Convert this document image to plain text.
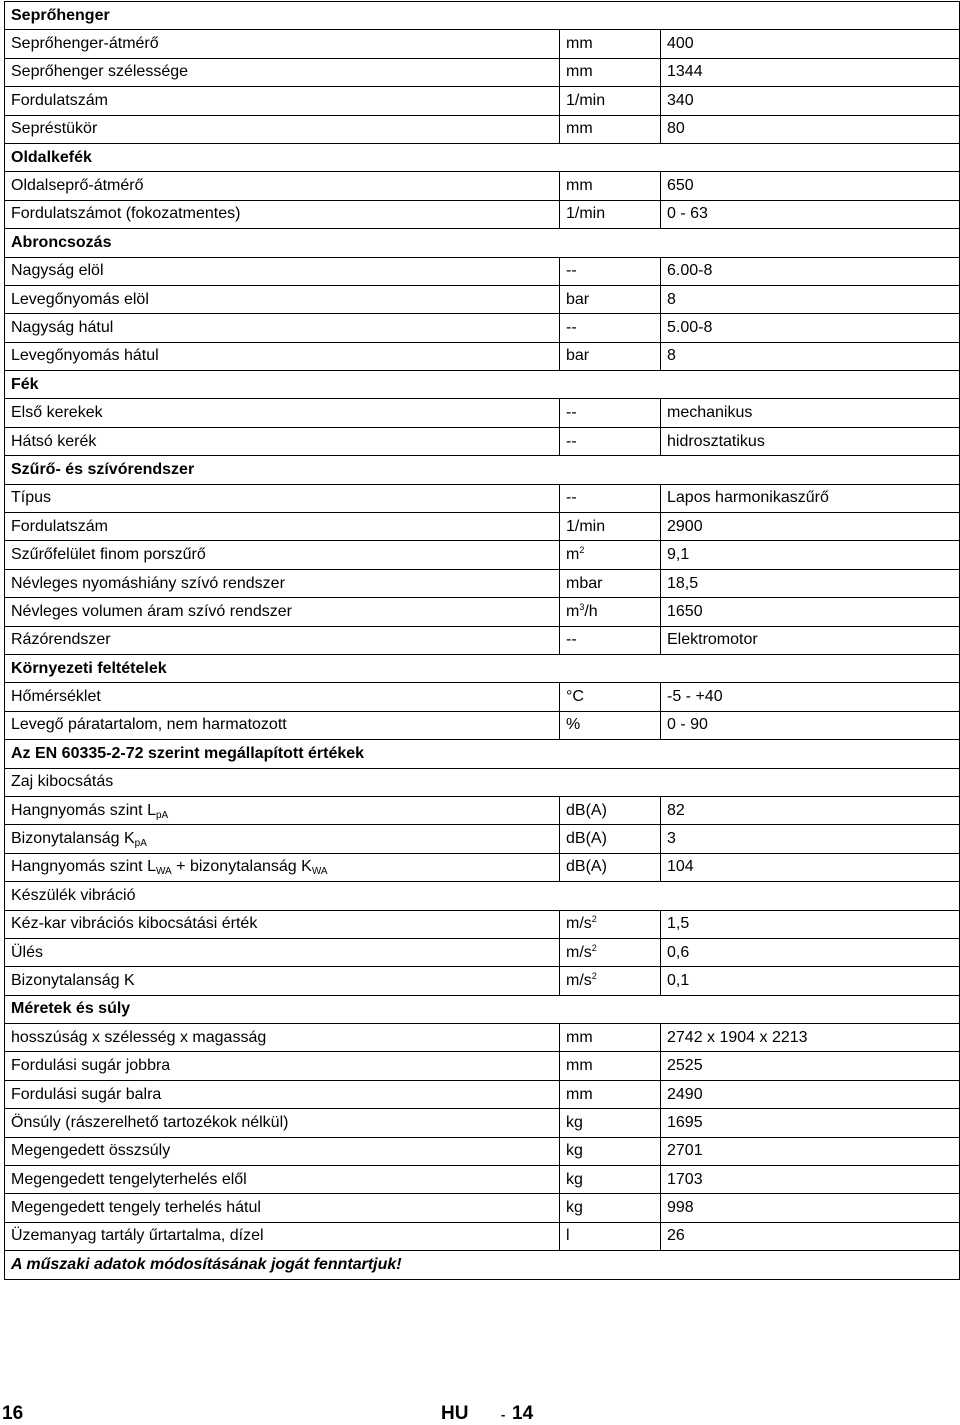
Seprőhenger		
Seprőhenger-átmérő	mm	400
Seprőhenger szélessége	mm	1344
Fordulatszám	1/min	340
Sepréstükör	mm	80
Oldalkefék		
Oldalseprő-átmérő	mm	650
Fordulatszámot (fokozatmentes)	1/min	0 - 63
Abroncsozás		
Nagyság elöl	--	6.00-8
Levegőnyomás elöl	bar	8
Nagyság hátul	--	5.00-8
Levegőnyomás hátul	bar	8
Fék		
Első kerekek	--	mechanikus
Hátsó kerék	--	hidrosztatikus
Szűrő- és szívórendszer		
Típus	--	Lapos harmonikaszűrő
Fordulatszám	1/min	2900
Szűrőfelület finom porszűrő	$m^2$	9,1
Névleges nyomáshiány szívó rendszer	mbar	18,5
Névleges volumen áram szívó rendszer	$m^3/h$	1650
Rázórendszer	--	Elektromotor
Környezeti feltételek		
Hőmérséklet	°C	-5 - +40
Levegő páratartalom, nem harmatozott	%	0 - 90
Az EN 60335-2-72 szerint megállapított értékek		
Zaj kibocsátás		
Hangnyomás szint $L_{pA}$	dB(A)	82
Bizonytalanság $K_{pA}$	dB(A)	3
Hangnyomás szint $L_{WA}$ + bizonytalanság $K_{WA}$	dB(A)	104
Készülék vibráció		
Kéz-kar vibrációs kibocsátási érték	$m/s^2$	1,5
Ülés	$m/s^2$	0,6
Bizonytalanság K	$m/s^2$	0,1
Méretek és súly		
hosszúság x szélesség x magasság	mm	2742 x 1904 x 2213
Fordulási sugár jobbra	mm	2525
Fordulási sugár balra	mm	2490
Önsúly (rászerelhető tartozékok nélkül)	kg	1695
Megengedett összsúly	kg	2701
Megengedett tengelyterhelés elől	kg	1703
Megengedett tengely terhelés hátul	kg	998
Üzemanyag tartály űrtartalma, dízel	l	26
A műszaki adatok módosításának jogát fenntartjuk!		
16	HU	- 14
